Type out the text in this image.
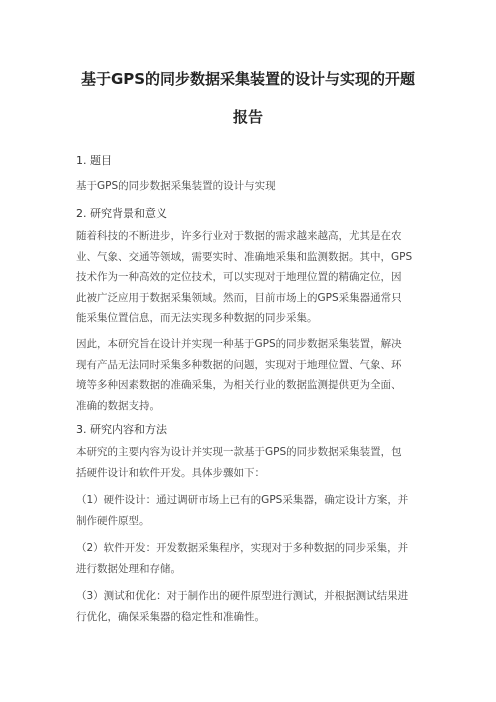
基于GPS的同步数据采集装置的设计与实现的开题
报告
1. 题目
基于GPS的同步数据采集装置的设计与实现
2. 研究背景和意义
随着科技的不断进步，许多行业对于数据的需求越来越高，尤其是在农
业、气象、交通等领域，需要实时、准确地采集和监测数据。其中，GPS
技术作为一种高效的定位技术，可以实现对于地理位置的精确定位，因
此被广泛应用于数据采集领域。然而，目前市场上的GPS采集器通常只
能采集位置信息，而无法实现多种数据的同步采集。
因此，本研究旨在设计并实现一种基于GPS的同步数据采集装置，解决
现有产品无法同时采集多种数据的问题，实现对于地理位置、气象、环
境等多种因素数据的准确采集，为相关行业的数据监测提供更为全面、
准确的数据支持。
3. 研究内容和方法
本研究的主要内容为设计并实现一款基于GPS的同步数据采集装置，包
括硬件设计和软件开发。具体步骤如下：
（1）硬件设计：通过调研市场上已有的GPS采集器，确定设计方案，并
制作硬件原型。
（2）软件开发：开发数据采集程序，实现对于多种数据的同步采集，并
进行数据处理和存储。
（3）测试和优化：对于制作出的硬件原型进行测试，并根据测试结果进
行优化，确保采集器的稳定性和准确性。
